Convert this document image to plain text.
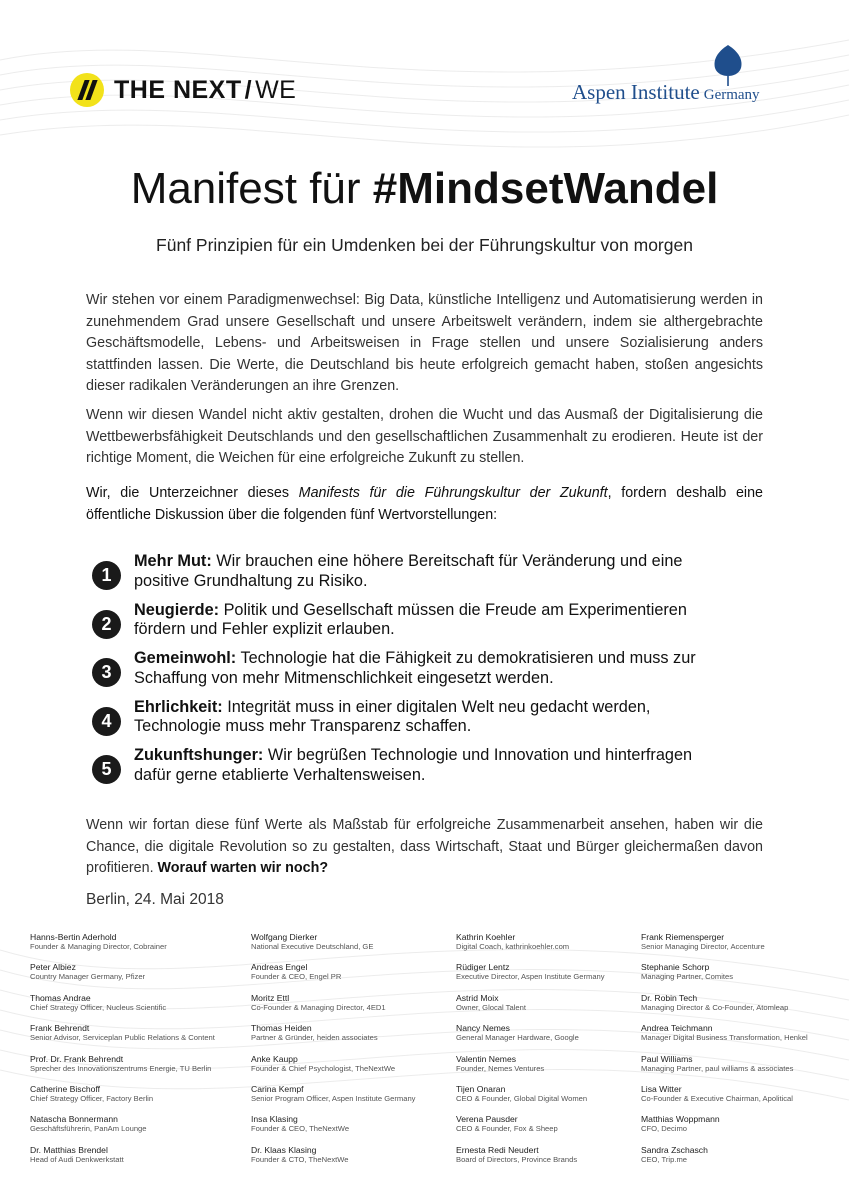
THE NEXT / WE	Aspen Institute Germany
Manifest für #MindsetWandel
Fünf Prinzipien für ein Umdenken bei der Führungskultur von morgen
Wir stehen vor einem Paradigmenwechsel: Big Data, künstliche Intelligenz und Automatisierung werden in zunehmendem Grad unsere Gesellschaft und unsere Arbeitswelt verändern, indem sie althergebrachte Geschäftsmodelle, Lebens- und Arbeitsweisen in Frage stellen und unsere Sozialisierung anders stattfinden lassen. Die Werte, die Deutschland bis heute erfolgreich gemacht haben, stoßen angesichts dieser radikalen Veränderungen an ihre Grenzen.
Wenn wir diesen Wandel nicht aktiv gestalten, drohen die Wucht und das Ausmaß der Digitalisierung die Wettbewerbsfähigkeit Deutschlands und den gesellschaftlichen Zusammenhalt zu erodieren. Heute ist der richtige Moment, die Weichen für eine erfolgreiche Zukunft zu stellen.
Wir, die Unterzeichner dieses Manifests für die Führungskultur der Zukunft, fordern deshalb eine öffentliche Diskussion über die folgenden fünf Wertvorstellungen:
1
Mehr Mut: Wir brauchen eine höhere Bereitschaft für Veränderung und eine positive Grundhaltung zu Risiko.
2
Neugierde: Politik und Gesellschaft müssen die Freude am Experimentieren fördern und Fehler explizit erlauben.
3
Gemeinwohl: Technologie hat die Fähigkeit zu demokratisieren und muss zur Schaffung von mehr Mitmenschlichkeit eingesetzt werden.
4
Ehrlichkeit: Integrität muss in einer digitalen Welt neu gedacht werden, Technologie muss mehr Transparenz schaffen.
5
Zukunftshunger: Wir begrüßen Technologie und Innovation und hinterfragen dafür gerne etablierte Verhaltensweisen.
Wenn wir fortan diese fünf Werte als Maßstab für erfolgreiche Zusammenarbeit ansehen, haben wir die Chance, die digitale Revolution so zu gestalten, dass Wirtschaft, Staat und Bürger gleichermaßen davon profitieren. Worauf warten wir noch?
Berlin, 24. Mai 2018
Hanns-Bertin Aderhold
Founder & Managing Director, Cobrainer
Peter Albiez
Country Manager Germany, Pfizer
Thomas Andrae
Chief Strategy Officer, Nucleus Scientific
Frank Behrendt
Senior Advisor, Serviceplan Public Relations & Content
Prof. Dr. Frank Behrendt
Sprecher des Innovationszentrums Energie, TU Berlin
Catherine Bischoff
Chief Strategy Officer, Factory Berlin
Natascha Bonnermann
Geschäftsführerin, PanAm Lounge
Dr. Matthias Brendel
Head of Audi Denkwerkstatt
Wolfgang Dierker
National Executive Deutschland, GE
Andreas Engel
Founder & CEO, Engel PR
Moritz Ettl
Co-Founder & Managing Director, 4ED1
Thomas Heiden
Partner & Gründer, heiden associates
Anke Kaupp
Founder & Chief Psychologist, TheNextWe
Carina Kempf
Senior Program Officer, Aspen Institute Germany
Insa Klasing
Founder & CEO, TheNextWe
Dr. Klaas Klasing
Founder & CTO, TheNextWe
Kathrin Koehler
Digital Coach, kathrinkoehler.com
Rüdiger Lentz
Executive Director, Aspen Institute Germany
Astrid Moix
Owner, Glocal Talent
Nancy Nemes
General Manager Hardware, Google
Valentin Nemes
Founder, Nemes Ventures
Tijen Onaran
CEO & Founder, Global Digital Women
Verena Pausder
CEO & Founder, Fox & Sheep
Ernesta Redi Neudert
Board of Directors, Province Brands
Frank Riemensperger
Senior Managing Director, Accenture
Stephanie Schorp
Managing Partner, Comites
Dr. Robin Tech
Managing Director & Co-Founder, Atomleap
Andrea Teichmann
Manager Digital Business Transformation, Henkel
Paul Williams
Managing Partner, paul williams & associates
Lisa Witter
Co-Founder & Executive Chairman, Apolitical
Matthias Woppmann
CFO, Decimo
Sandra Zschasch
CEO, Trip.me
